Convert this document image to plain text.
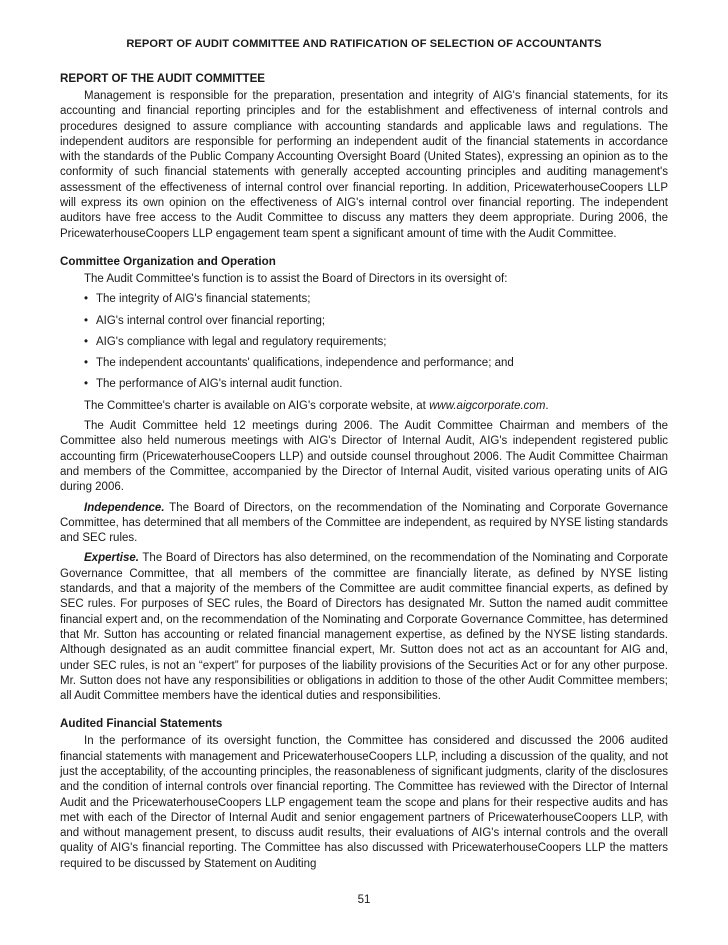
REPORT OF AUDIT COMMITTEE AND RATIFICATION OF SELECTION OF ACCOUNTANTS
REPORT OF THE AUDIT COMMITTEE

Management is responsible for the preparation, presentation and integrity of AIG's financial statements, for its accounting and financial reporting principles and for the establishment and effectiveness of internal controls and procedures designed to assure compliance with accounting standards and applicable laws and regulations. The independent auditors are responsible for performing an independent audit of the financial statements in accordance with the standards of the Public Company Accounting Oversight Board (United States), expressing an opinion as to the conformity of such financial statements with generally accepted accounting principles and auditing management's assessment of the effectiveness of internal control over financial reporting. In addition, PricewaterhouseCoopers LLP will express its own opinion on the effectiveness of AIG's internal control over financial reporting. The independent auditors have free access to the Audit Committee to discuss any matters they deem appropriate. During 2006, the PricewaterhouseCoopers LLP engagement team spent a significant amount of time with the Audit Committee.

Committee Organization and Operation

The Audit Committee's function is to assist the Board of Directors in its oversight of:

• The integrity of AIG's financial statements;
• AIG's internal control over financial reporting;
• AIG's compliance with legal and regulatory requirements;
• The independent accountants' qualifications, independence and performance; and
• The performance of AIG's internal audit function.

The Committee's charter is available on AIG's corporate website, at www.aigcorporate.com.

The Audit Committee held 12 meetings during 2006. The Audit Committee Chairman and members of the Committee also held numerous meetings with AIG's Director of Internal Audit, AIG's independent registered public accounting firm (PricewaterhouseCoopers LLP) and outside counsel throughout 2006. The Audit Committee Chairman and members of the Committee, accompanied by the Director of Internal Audit, visited various operating units of AIG during 2006.

Independence. The Board of Directors, on the recommendation of the Nominating and Corporate Governance Committee, has determined that all members of the Committee are independent, as required by NYSE listing standards and SEC rules.

Expertise. The Board of Directors has also determined, on the recommendation of the Nominating and Corporate Governance Committee, that all members of the committee are financially literate, as defined by NYSE listing standards, and that a majority of the members of the Committee are audit committee financial experts, as defined by SEC rules. For purposes of SEC rules, the Board of Directors has designated Mr. Sutton the named audit committee financial expert and, on the recommendation of the Nominating and Corporate Governance Committee, has determined that Mr. Sutton has accounting or related financial management expertise, as defined by the NYSE listing standards. Although designated as an audit committee financial expert, Mr. Sutton does not act as an accountant for AIG and, under SEC rules, is not an “expert” for purposes of the liability provisions of the Securities Act or for any other purpose. Mr. Sutton does not have any responsibilities or obligations in addition to those of the other Audit Committee members; all Audit Committee members have the identical duties and responsibilities.

Audited Financial Statements

In the performance of its oversight function, the Committee has considered and discussed the 2006 audited financial statements with management and PricewaterhouseCoopers LLP, including a discussion of the quality, and not just the acceptability, of the accounting principles, the reasonableness of significant judgments, clarity of the disclosures and the condition of internal controls over financial reporting. The Committee has reviewed with the Director of Internal Audit and the PricewaterhouseCoopers LLP engagement team the scope and plans for their respective audits and has met with each of the Director of Internal Audit and senior engagement partners of PricewaterhouseCoopers LLP, with and without management present, to discuss audit results, their evaluations of AIG's internal controls and the overall quality of AIG's financial reporting. The Committee has also discussed with PricewaterhouseCoopers LLP the matters required to be discussed by Statement on Auditing

51
